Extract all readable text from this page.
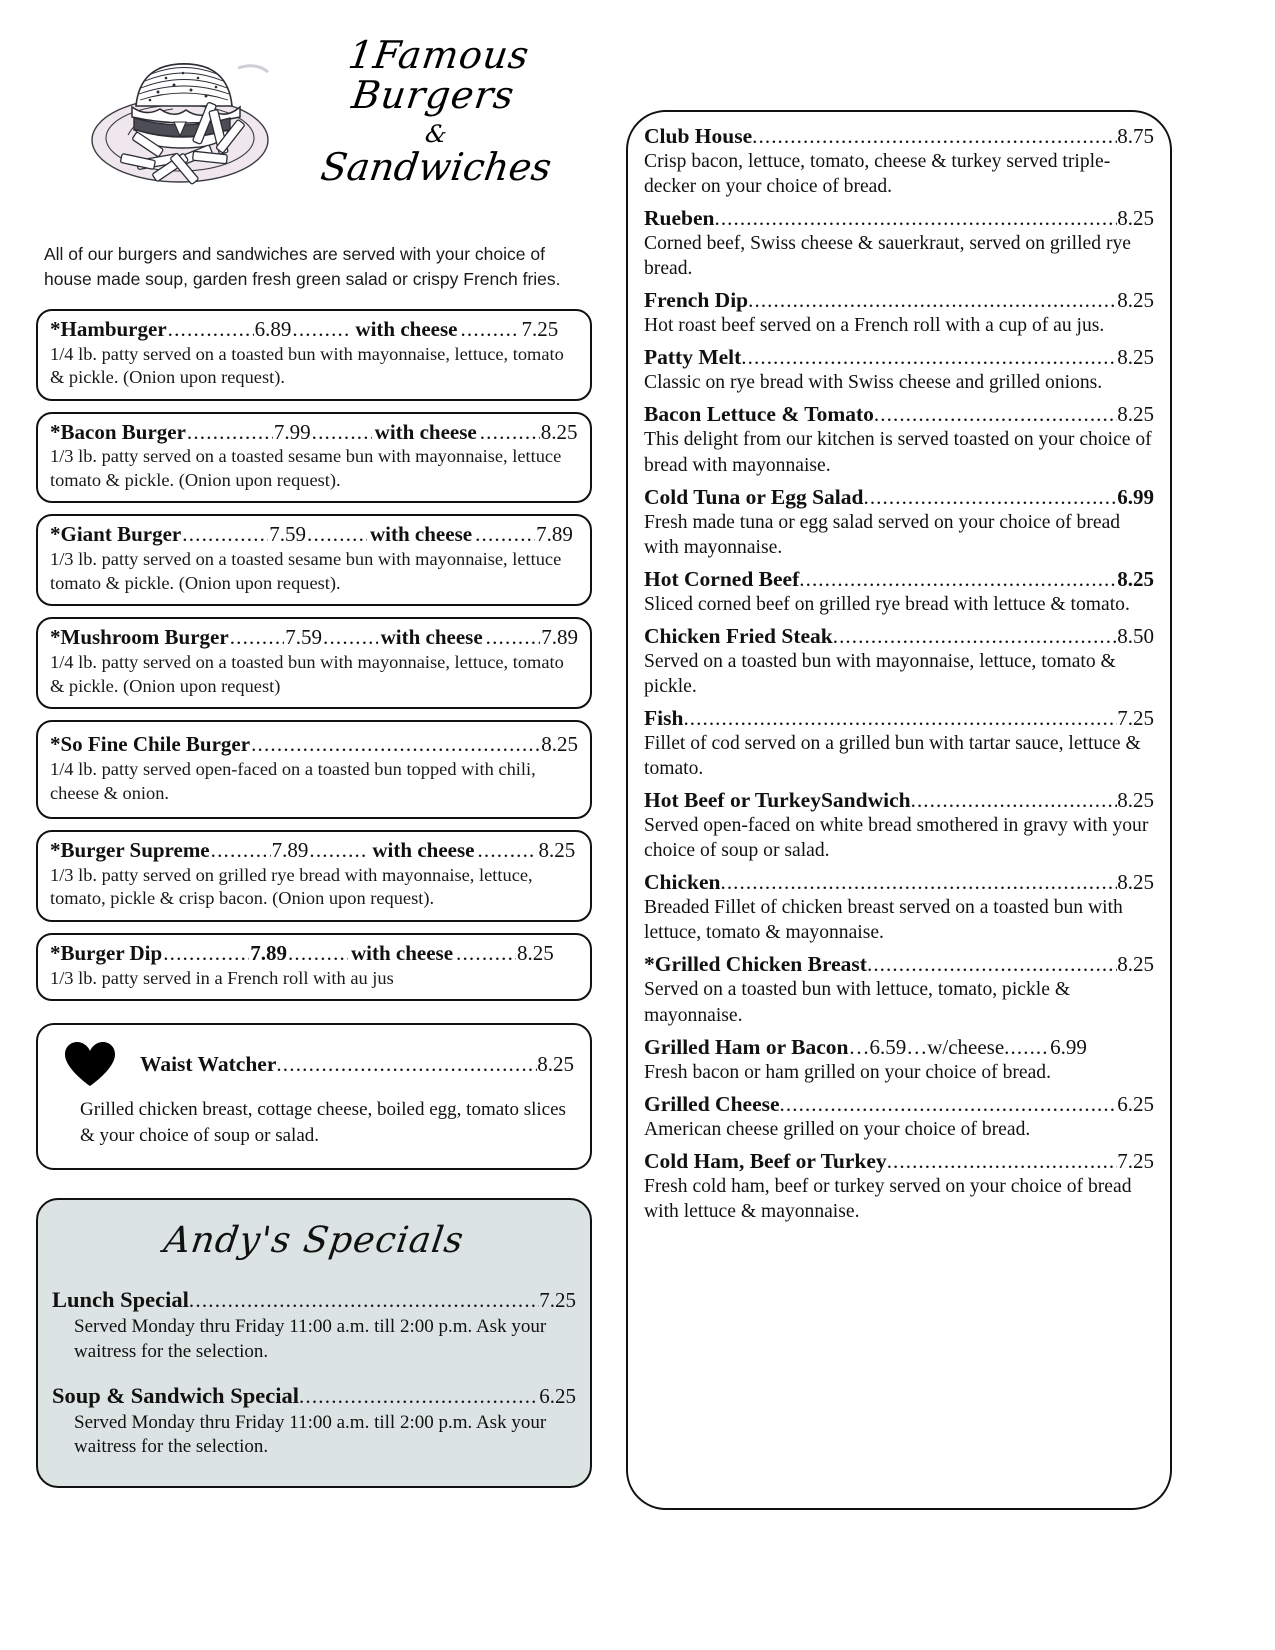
1Famous Burgers
&
Sandwiches
All of our burgers and sandwiches are served with your choice of house made soup, garden fresh green salad or crispy French fries.
*Hamburger .....	6.89 .....	with cheese .....	7.25
1/4 lb. patty served on a toasted bun with mayonnaise, lettuce, tomato & pickle. (Onion upon request).
*Bacon Burger .....	7.99 .....	with cheese .....	8.25
1/3 lb. patty served on a toasted sesame bun with mayonnaise, lettuce tomato & pickle. (Onion upon request).
*Giant Burger .....	7.59 .....	with cheese .....	7.89
1/3 lb. patty served on a toasted sesame bun with mayonnaise, lettuce tomato & pickle. (Onion upon request).
*Mushroom Burger .....	7.59 .....	with cheese .....	7.89
1/4 lb. patty served on a toasted bun with mayonnaise, lettuce, tomato & pickle. (Onion upon request)
*So Fine Chile Burger .....	8.25
1/4 lb. patty served open-faced on a toasted bun topped with chili, cheese & onion.
*Burger Supreme .....	7.89 .....	with cheese .....	8.25
1/3 lb. patty served on grilled rye bread with mayonnaise, lettuce, tomato, pickle & crisp bacon. (Onion upon request).
*Burger Dip .....	7.89 .....	with cheese .....	8.25
1/3 lb. patty served in a French roll with au jus
Waist Watcher .....	8.25
Grilled chicken breast, cottage cheese, boiled egg, tomato slices & your choice of soup or salad.
Andy's Specials
Lunch Special .....	7.25
Served Monday thru Friday 11:00 a.m. till 2:00 p.m. Ask your waitress for the selection.
Soup & Sandwich Special .....	6.25
Served Monday thru Friday 11:00 a.m. till 2:00 p.m. Ask your waitress for the selection.
Club House .....	8.75
Crisp bacon, lettuce, tomato, cheese & turkey served triple-decker on your choice of bread.
Rueben .....	8.25
Corned beef, Swiss cheese & sauerkraut, served on grilled rye bread.
French Dip .....	8.25
Hot roast beef served on a French roll with a cup of au jus.
Patty Melt .....	8.25
Classic on rye bread with Swiss cheese and grilled onions.
Bacon Lettuce & Tomato .....	8.25
This delight from our kitchen is served toasted on your choice of bread with mayonnaise.
Cold Tuna or Egg Salad .....	6.99
Fresh made tuna or egg salad served on your choice of bread with mayonnaise.
Hot Corned Beef .....	8.25
Sliced corned beef on grilled rye bread with lettuce & tomato.
Chicken Fried Steak .....	8.50
Served on a toasted bun with mayonnaise, lettuce, tomato & pickle.
Fish .....	7.25
Fillet of cod served on a grilled bun with tartar sauce, lettuce & tomato.
Hot Beef or TurkeySandwich .....	8.25
Served open-faced on white bread smothered in gravy with your choice of soup or salad.
Chicken .....	8.25
Breaded Fillet of chicken breast served on a toasted bun with lettuce, tomato & mayonnaise.
*Grilled Chicken Breast .....	8.25
Served on a toasted bun with lettuce, tomato, pickle & mayonnaise.
Grilled Ham or Bacon … 6.59 … w/cheese ..... 6.99
Fresh bacon or ham grilled on your choice of bread.
Grilled Cheese .....	6.25
American cheese grilled on your choice of bread.
Cold Ham, Beef or Turkey .....	7.25
Fresh cold ham, beef or turkey served on your choice of bread with lettuce & mayonnaise.
